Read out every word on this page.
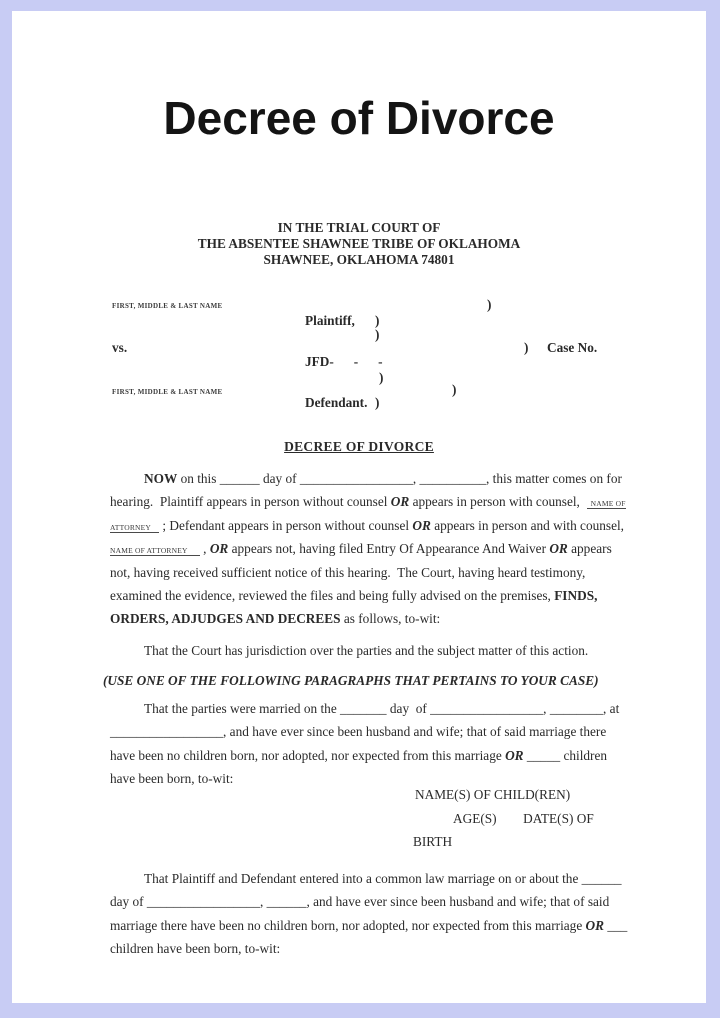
Decree of Divorce
IN THE TRIAL COURT OF
THE ABSENTEE SHAWNEE TRIBE OF OKLAHOMA
SHAWNEE, OKLAHOMA 74801
FIRST, MIDDLE & LAST NAME	)
Plaintiff, )
)
vs.	) Case No.
JFD-      -      -
)
FIRST, MIDDLE & LAST NAME	)
Defendant. )
DECREE OF DIVORCE
NOW on this ______ day of _________________, __________, this matter comes on for
hearing.  Plaintiff appears in person without counsel OR appears in person with counsel,    NAME OF
ATTORNEY     ; Defendant appears in person without counsel OR appears in person and with counsel,
NAME OF ATTORNEY       , OR appears not, having filed Entry Of Appearance And Waiver OR appears
not, having received sufficient notice of this hearing.  The Court, having heard testimony,
examined the evidence, reviewed the files and being fully advised on the premises, FINDS,
ORDERS, ADJUDGES AND DECREES as follows, to-wit:
That the Court has jurisdiction over the parties and the subject matter of this action.
(USE ONE OF THE FOLLOWING PARAGRAPHS THAT PERTAINS TO YOUR CASE)
That the parties were married on the _______ day  of _________________, ________, at
_________________, and have ever since been husband and wife; that of said marriage there
have been no children born, nor adopted, nor expected from this marriage OR _____ children
have been born, to-wit:
NAME(S) OF CHILD(REN)
AGE(S)        DATE(S) OF
BIRTH
That Plaintiff and Defendant entered into a common law marriage on or about the ______
day of _________________, ______, and have ever since been husband and wife; that of said
marriage there have been no children born, nor adopted, nor expected from this marriage OR ___
children have been born, to-wit:
